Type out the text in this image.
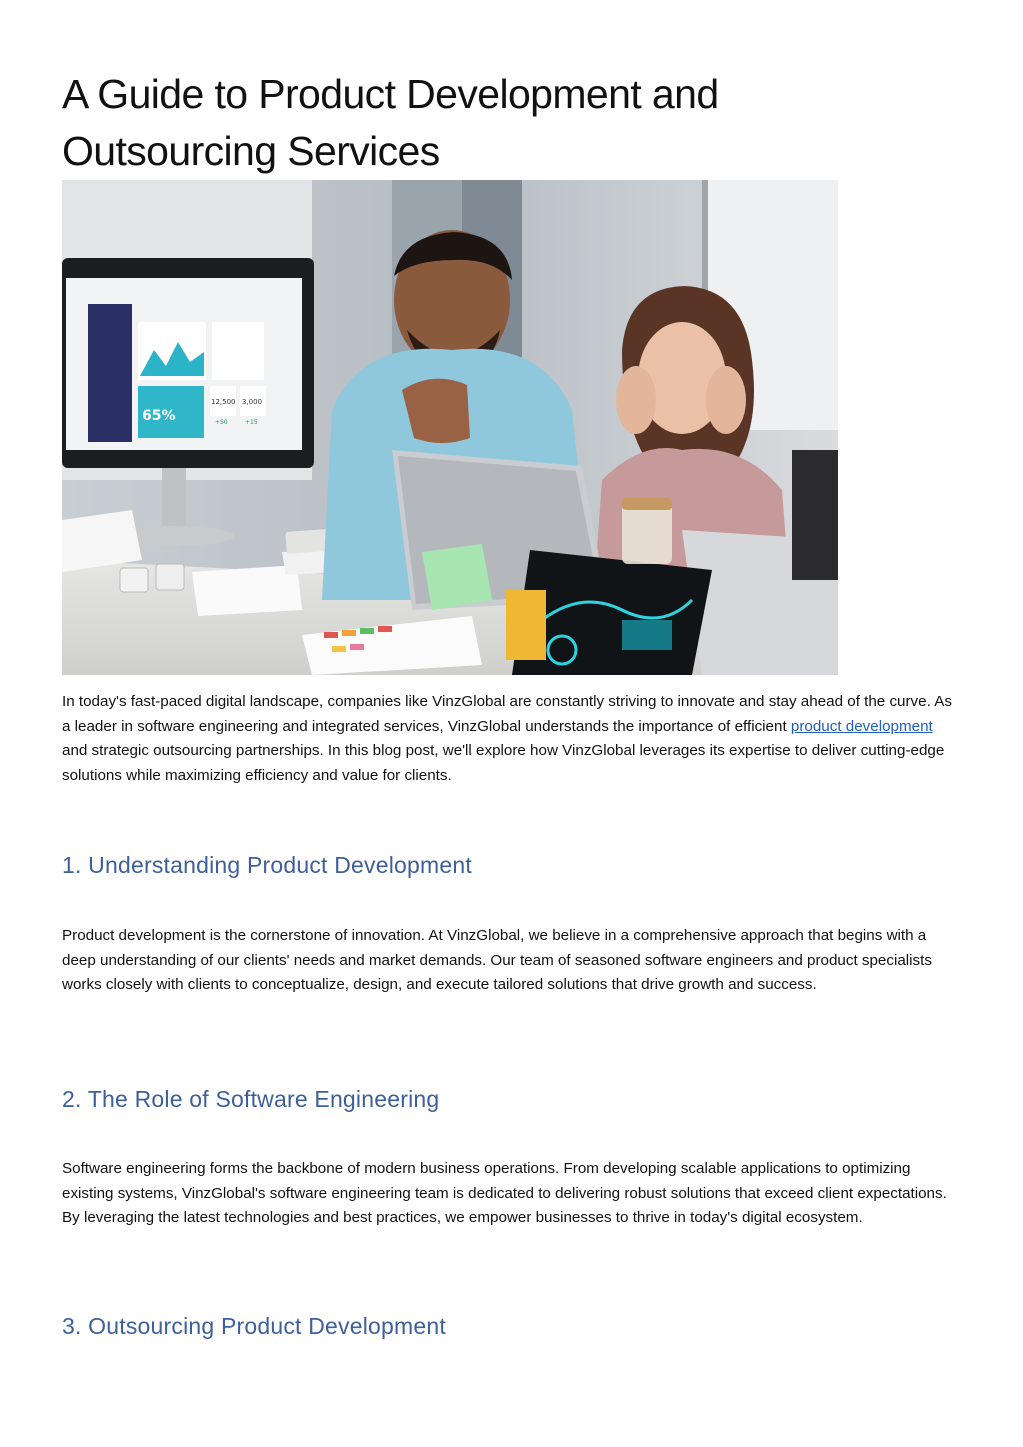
A Guide to Product Development and
Outsourcing Services
65%
12,500 3,000
+50	+15

In today's fast-paced digital landscape, companies like VinzGlobal are constantly striving to innovate and stay ahead of the curve. As a leader in software engineering and integrated services, VinzGlobal understands the importance of efficient product development and strategic outsourcing partnerships. In this blog post, we'll explore how VinzGlobal leverages its expertise to deliver cutting-edge solutions while maximizing efficiency and value for clients.

1. Understanding Product Development

Product development is the cornerstone of innovation. At VinzGlobal, we believe in a comprehensive approach that begins with a deep understanding of our clients' needs and market demands. Our team of seasoned software engineers and product specialists works closely with clients to conceptualize, design, and execute tailored solutions that drive growth and success.

2. The Role of Software Engineering

Software engineering forms the backbone of modern business operations. From developing scalable applications to optimizing existing systems, VinzGlobal's software engineering team is dedicated to delivering robust solutions that exceed client expectations. By leveraging the latest technologies and best practices, we empower businesses to thrive in today's digital ecosystem.

3. Outsourcing Product Development
